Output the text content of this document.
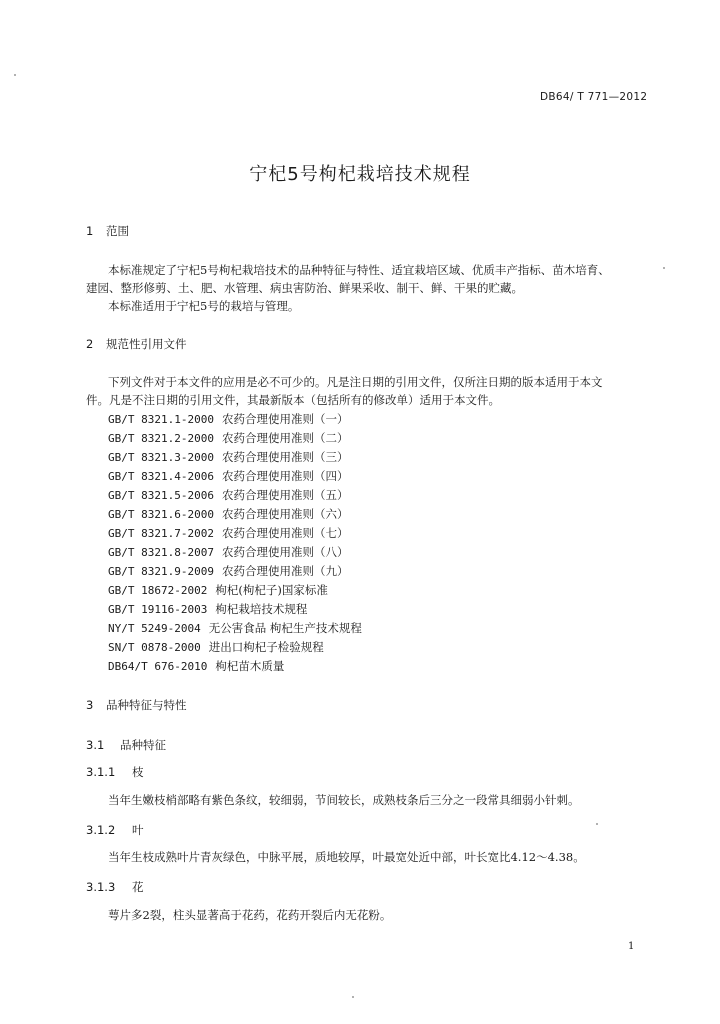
DB64/ T 771—2012
宁杞5号枸杞栽培技术规程
1 范围
本标准规定了宁杞5号枸杞栽培技术的品种特征与特性、适宜栽培区域、优质丰产指标、苗木培育、
建园、整形修剪、土、肥、水管理、病虫害防治、鲜果采收、制干、鲜、干果的贮藏。
本标准适用于宁杞5号的栽培与管理。
2 规范性引用文件
下列文件对于本文件的应用是必不可少的。凡是注日期的引用文件，仅所注日期的版本适用于本文
件。凡是不注日期的引用文件，其最新版本（包括所有的修改单）适用于本文件。
GB/T 8321.1-2000 农药合理使用准则（一）
GB/T 8321.2-2000 农药合理使用准则（二）
GB/T 8321.3-2000 农药合理使用准则（三）
GB/T 8321.4-2006 农药合理使用准则（四）
GB/T 8321.5-2006 农药合理使用准则（五）
GB/T 8321.6-2000 农药合理使用准则（六）
GB/T 8321.7-2002 农药合理使用准则（七）
GB/T 8321.8-2007 农药合理使用准则（八）
GB/T 8321.9-2009 农药合理使用准则（九）
GB/T 18672-2002 枸杞(枸杞子)国家标准
GB/T 19116-2003 枸杞栽培技术规程
NY/T 5249-2004 无公害食品 枸杞生产技术规程
SN/T 0878-2000 进出口枸杞子检验规程
DB64/T 676-2010 枸杞苗木质量
3 品种特征与特性
3.1 品种特征
3.1.1 枝
当年生嫩枝梢部略有紫色条纹，较细弱，节间较长，成熟枝条后三分之一段常具细弱小针刺。
3.1.2 叶
当年生枝成熟叶片青灰绿色，中脉平展，质地较厚，叶最宽处近中部，叶长宽比4.12～4.38。
3.1.3 花
萼片多2裂，柱头显著高于花药，花药开裂后内无花粉。
1
